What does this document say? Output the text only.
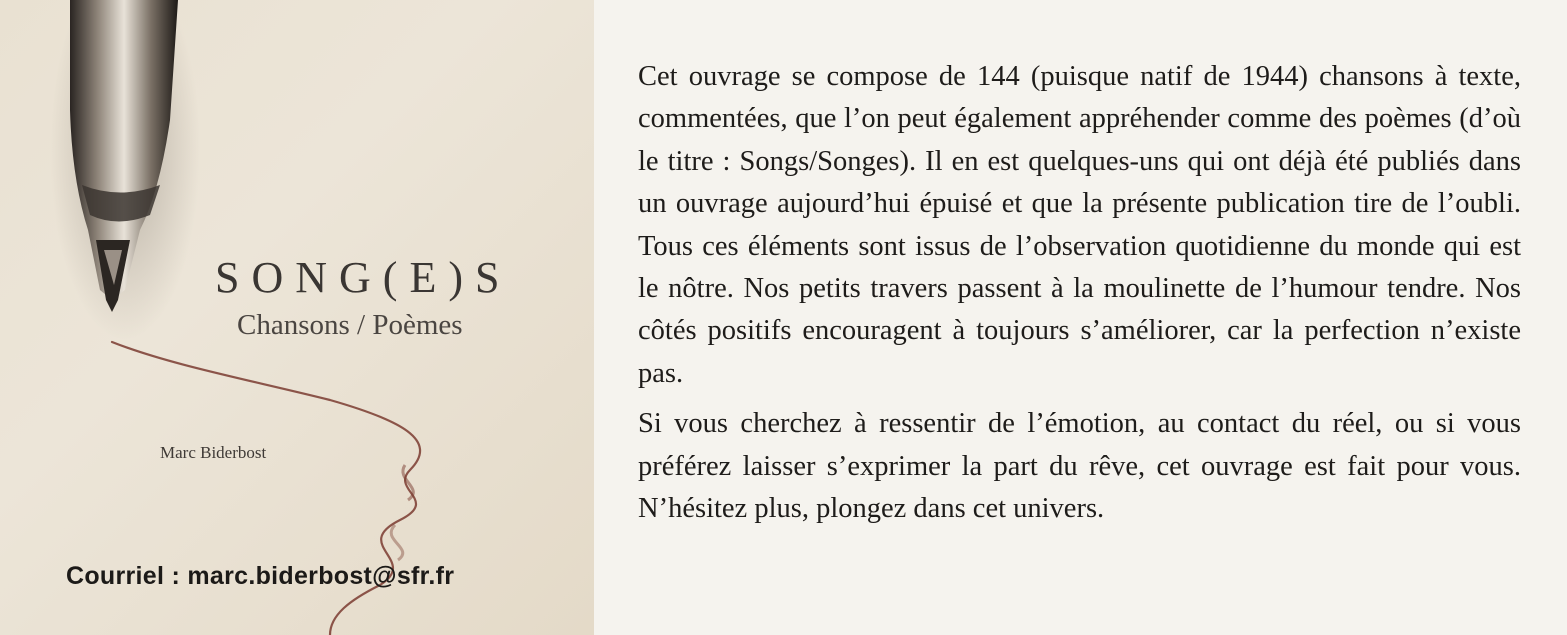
SONG(E)S
Chansons / Poèmes
Marc Biderbost
Courriel : marc.biderbost@sfr.fr

Cet ouvrage se compose de 144 (puisque natif de 1944) chansons à texte, commentées, que l’on peut également appréhender comme des poèmes (d’où le titre : Songs/Songes). Il en est quelques-uns qui ont déjà été publiés dans un ouvrage aujourd’hui épuisé et que la présente publication tire de l’oubli. Tous ces éléments sont issus de l’observation quotidienne du monde qui est le nôtre. Nos petits travers passent à la moulinette de l’humour tendre. Nos côtés positifs encouragent à toujours s’améliorer, car la perfection n’existe pas.

Si vous cherchez à ressentir de l’émotion, au contact du réel, ou si vous préférez laisser s’exprimer la part du rêve, cet ouvrage est fait pour vous. N’hésitez plus, plongez dans cet univers.
